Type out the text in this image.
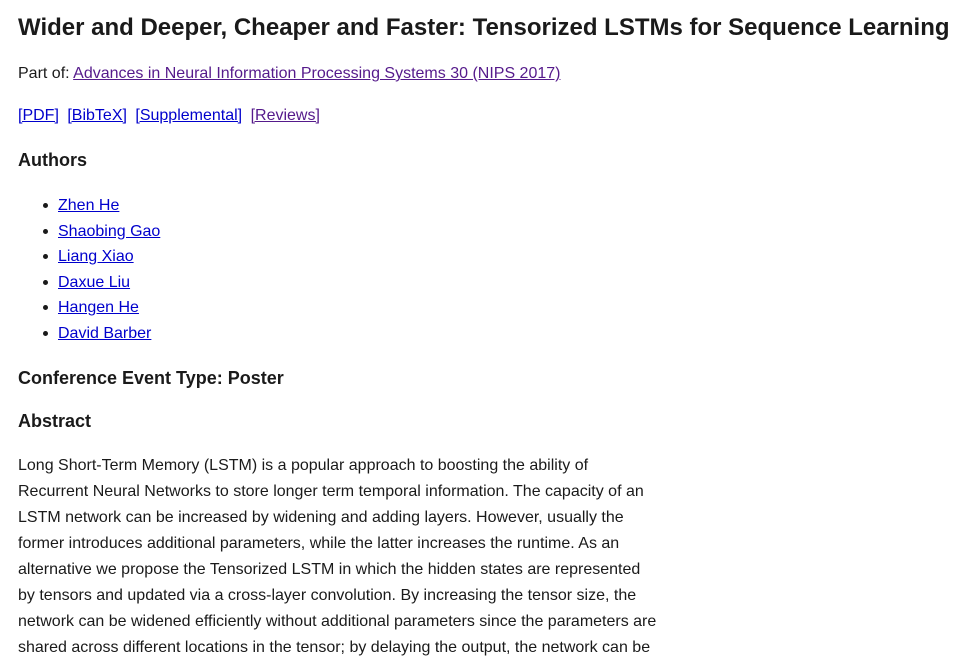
Wider and Deeper, Cheaper and Faster: Tensorized LSTMs for Sequence Learning
Part of: Advances in Neural Information Processing Systems 30 (NIPS 2017)
[PDF] [BibTeX] [Supplemental] [Reviews]
Authors
Zhen He
Shaobing Gao
Liang Xiao
Daxue Liu
Hangen He
David Barber
Conference Event Type: Poster
Abstract

Long Short-Term Memory (LSTM) is a popular approach to boosting the ability of
Recurrent Neural Networks to store longer term temporal information. The capacity of an
LSTM network can be increased by widening and adding layers. However, usually the
former introduces additional parameters, while the latter increases the runtime. As an
alternative we propose the Tensorized LSTM in which the hidden states are represented
by tensors and updated via a cross-layer convolution. By increasing the tensor size, the
network can be widened efficiently without additional parameters since the parameters are
shared across different locations in the tensor; by delaying the output, the network can be
